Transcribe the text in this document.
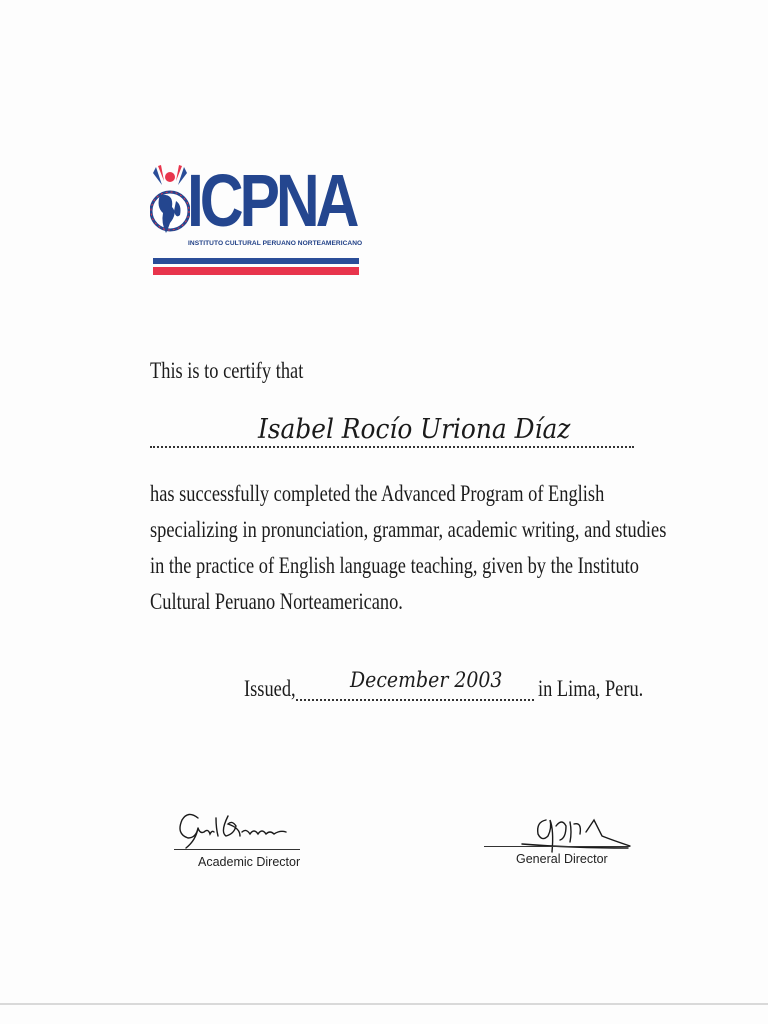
ICPNA
INSTITUTO CULTURAL PERUANO NORTEAMERICANO
This is to certify that
Isabel Rocío Uriona Díaz
has successfully completed the Advanced Program of English
specializing in pronunciation, grammar, academic writing, and studies
in the practice of English language teaching, given by the Instituto
Cultural Peruano Norteamericano.
Issued,	December 2003 in Lima, Peru.
Academic Director	General Director
